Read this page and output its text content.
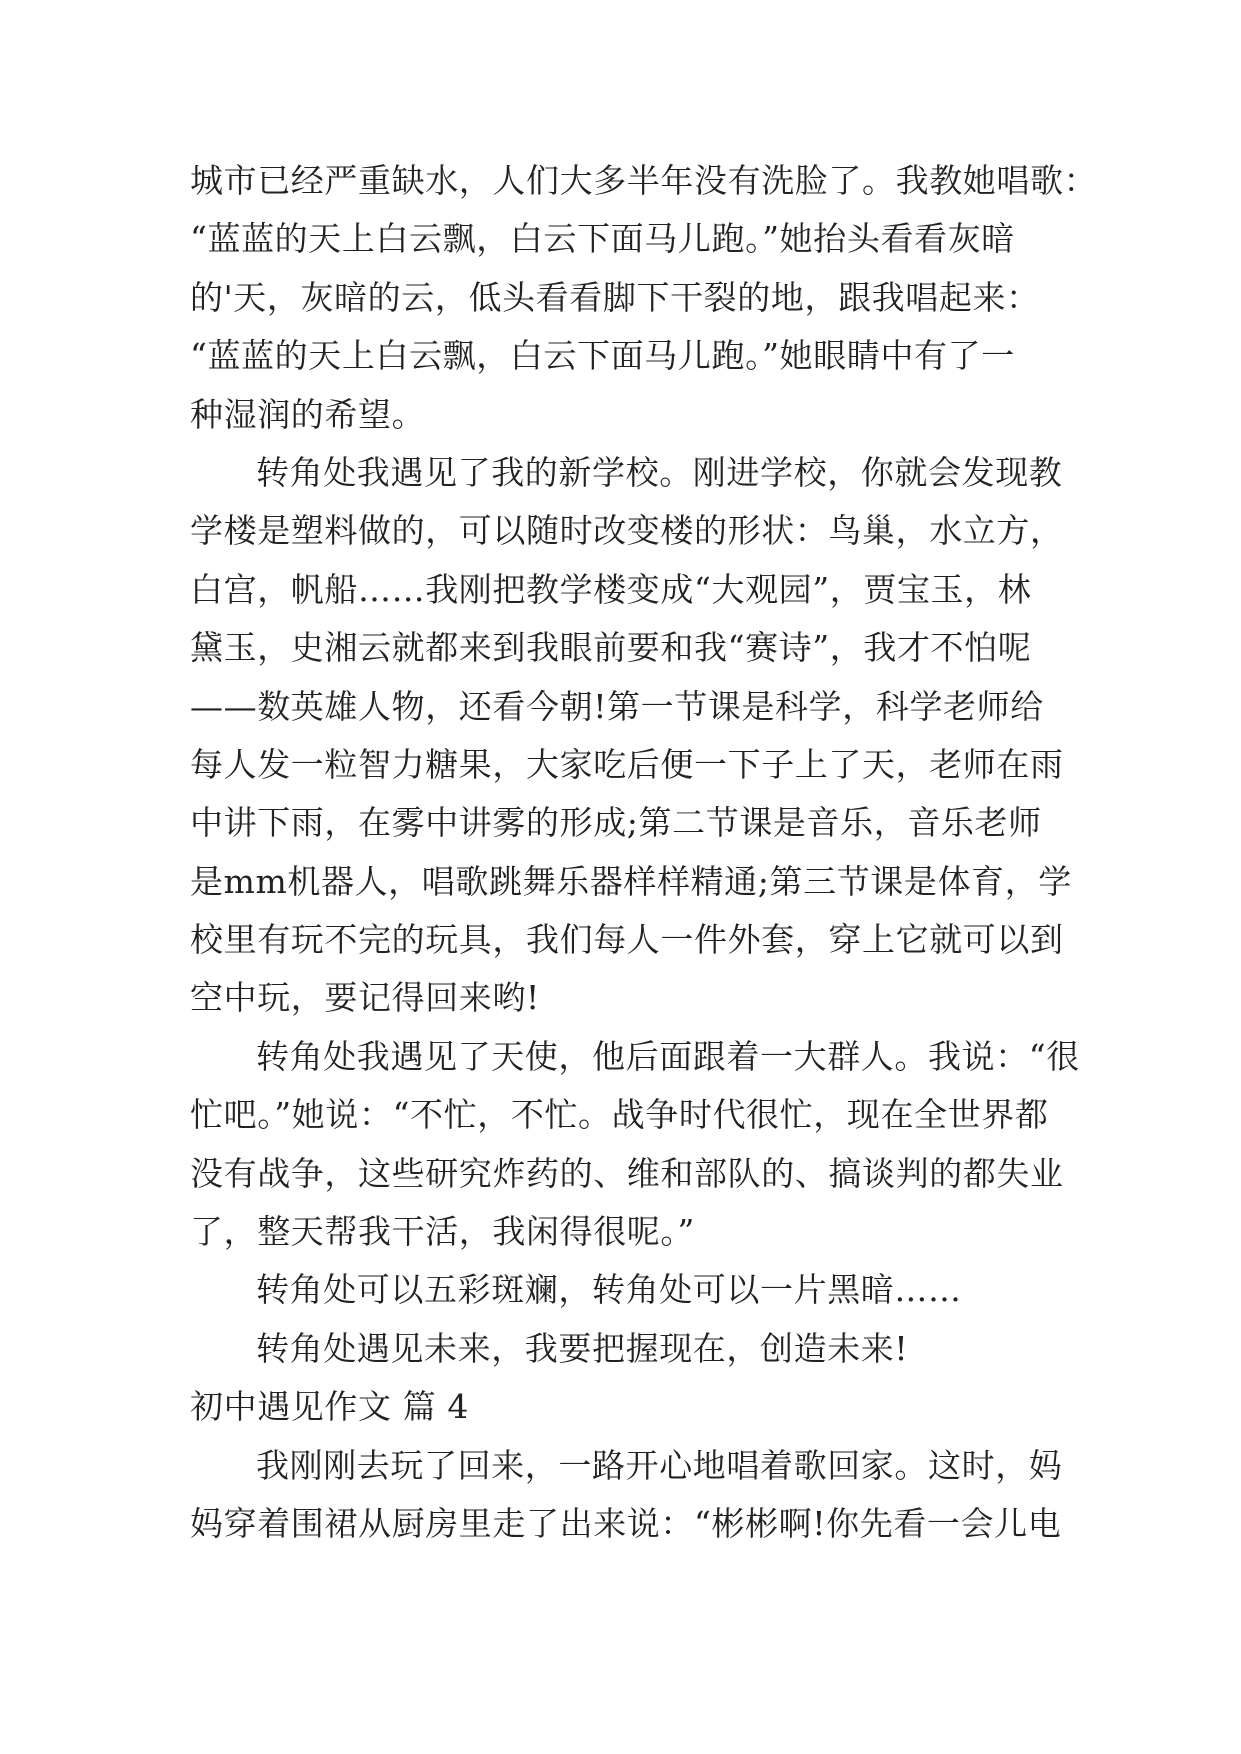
城市已经严重缺水，人们大多半年没有洗脸了。我教她唱歌：
“蓝蓝的天上白云飘，白云下面马儿跑。”她抬头看看灰暗
的'天，灰暗的云，低头看看脚下干裂的地，跟我唱起来：
“蓝蓝的天上白云飘，白云下面马儿跑。”她眼睛中有了一
种湿润的希望。
转角处我遇见了我的新学校。刚进学校，你就会发现教
学楼是塑料做的，可以随时改变楼的形状：鸟巢，水立方，
白宫，帆船……我刚把教学楼变成“大观园”，贾宝玉，林
黛玉，史湘云就都来到我眼前要和我“赛诗”，我才不怕呢
——数英雄人物，还看今朝!第一节课是科学，科学老师给
每人发一粒智力糖果，大家吃后便一下子上了天，老师在雨
中讲下雨，在雾中讲雾的形成;第二节课是音乐，音乐老师
是mm机器人，唱歌跳舞乐器样样精通;第三节课是体育，学
校里有玩不完的玩具，我们每人一件外套，穿上它就可以到
空中玩，要记得回来哟!
转角处我遇见了天使，他后面跟着一大群人。我说：“很
忙吧。”她说：“不忙，不忙。战争时代很忙，现在全世界都
没有战争，这些研究炸药的、维和部队的、搞谈判的都失业
了，整天帮我干活，我闲得很呢。”
转角处可以五彩斑斓，转角处可以一片黑暗……
转角处遇见未来，我要把握现在，创造未来!
初中遇见作文 篇 4
我刚刚去玩了回来，一路开心地唱着歌回家。这时，妈
妈穿着围裙从厨房里走了出来说：“彬彬啊!你先看一会儿电
